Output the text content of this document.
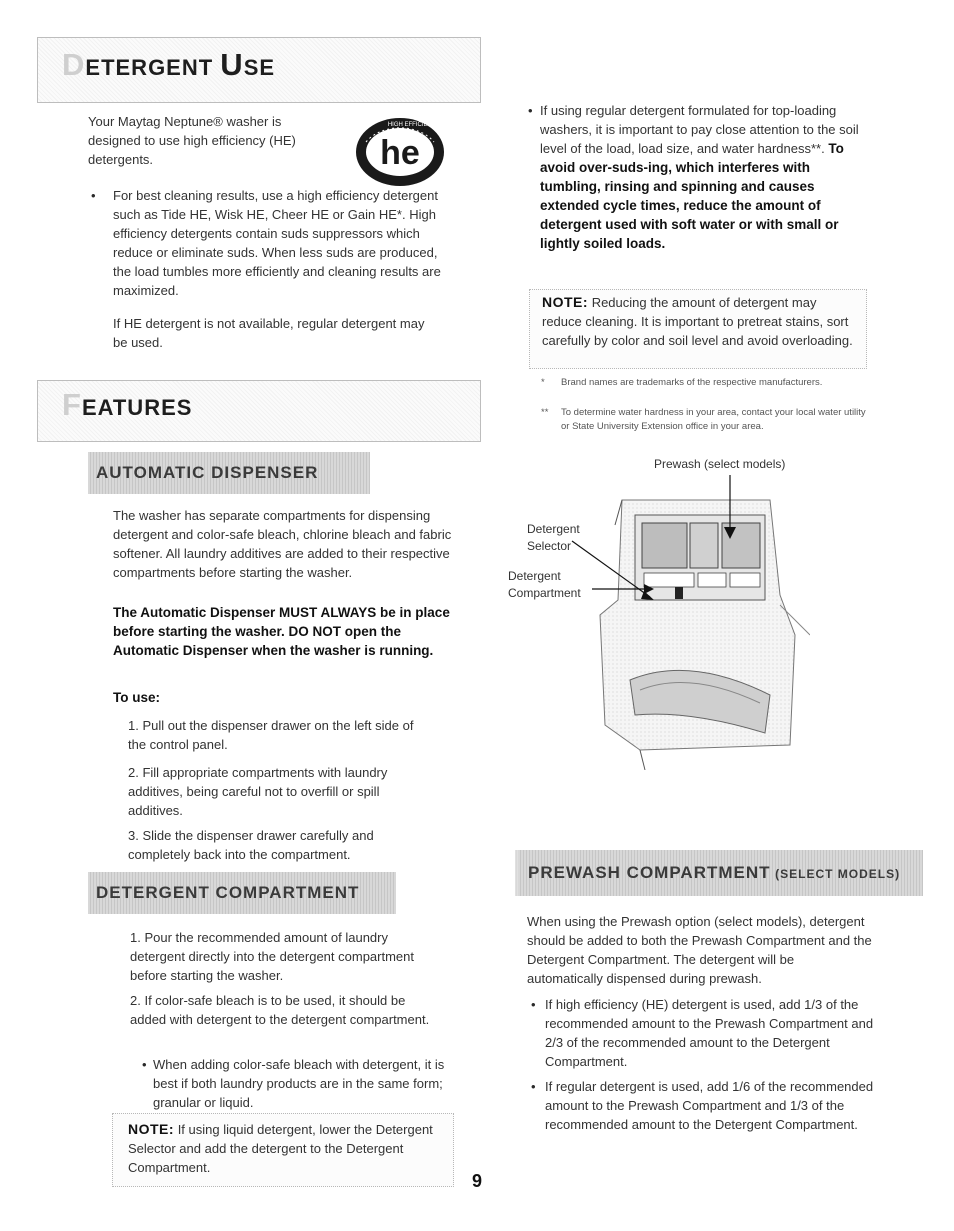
DETERGENT USE

Your Maytag Neptune® washer is designed to use high efficiency (HE) detergents.	he
HIGH EFFICIENCY
• For best cleaning results, use a high efficiency detergent such as Tide HE, Wisk HE, Cheer HE or Gain HE*. High efficiency detergents contain suds suppressors which reduce or eliminate suds. When less suds are produced, the load tumbles more efficiently and cleaning results are maximized.

If HE detergent is not available, regular detergent may be used.

• If using regular detergent formulated for top-loading washers, it is important to pay close attention to the soil level of the load, load size, and water hardness**. To avoid over-suds-ing, which interferes with tumbling, rinsing and spinning and causes extended cycle times, reduce the amount of detergent used with soft water or with small or lightly soiled loads.

NOTE: Reducing the amount of detergent may reduce cleaning. It is important to pretreat stains, sort carefully by color and soil level and avoid overloading.

* Brand names are trademarks of the respective manufacturers.

** To determine water hardness in your area, contact your local water utility or State University Extension office in your area.

FEATURES
AUTOMATIC DISPENSER

The washer has separate compartments for dispensing detergent and color-safe bleach, chlorine bleach and fabric softener. All laundry additives are added to their respective compartments before starting the washer.

The Automatic Dispenser MUST ALWAYS be in place before starting the washer. DO NOT open the Automatic Dispenser when the washer is running.

To use:

1. Pull out the dispenser drawer on the left side of the control panel.

2. Fill appropriate compartments with laundry additives, being careful not to overfill or spill additives.

3. Slide the dispenser drawer carefully and completely back into the compartment.

Prewash (select models)

Detergent
Selector

Detergent
Compartment

DETERGENT COMPARTMENT

1. Pour the recommended amount of laundry detergent directly into the detergent compartment before starting the washer.

2. If color-safe bleach is to be used, it should be added with detergent to the detergent compartment.

• When adding color-safe bleach with detergent, it is best if both laundry products are in the same form; granular or liquid.

NOTE: If using liquid detergent, lower the Detergent Selector and add the detergent to the Detergent Compartment.

PREWASH COMPARTMENT (SELECT MODELS)

When using the Prewash option (select models), detergent should be added to both the Prewash Compartment and the Detergent Compartment. The detergent will be automatically dispensed during prewash.

• If high efficiency (HE) detergent is used, add 1/3 of the recommended amount to the Prewash Compartment and 2/3 of the recommended amount to the Detergent Compartment.

• If regular detergent is used, add 1/6 of the recommended amount to the Prewash Compartment and 1/3 of the recommended amount to the Detergent Compartment.

9
